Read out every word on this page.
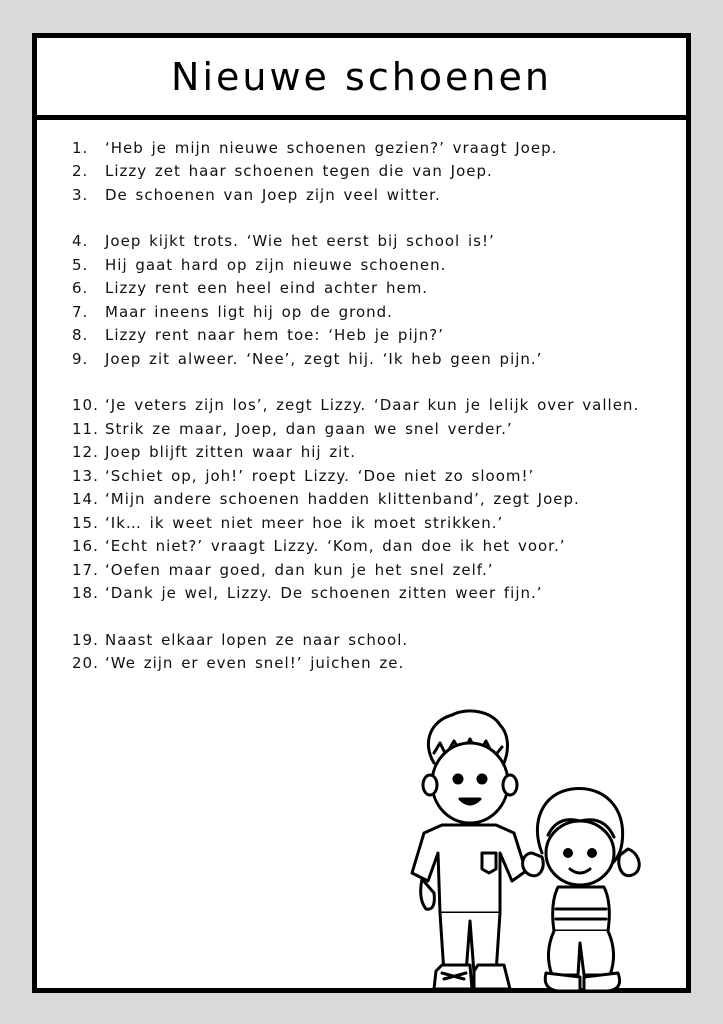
Nieuwe schoenen
1.	‘Heb je mijn nieuwe schoenen gezien?’ vraagt Joep.
2.	Lizzy zet haar schoenen tegen die van Joep.
3.	De schoenen van Joep zijn veel witter.
4.	Joep kijkt trots. ‘Wie het eerst bij school is!’
5.	Hij gaat hard op zijn nieuwe schoenen.
6.	Lizzy rent een heel eind achter hem.
7.	Maar ineens ligt hij op de grond.
8.	Lizzy rent naar hem toe: ‘Heb je pijn?’
9.	Joep zit alweer. ‘Nee’, zegt hij. ‘Ik heb geen pijn.’
10. ‘Je veters zijn los’, zegt Lizzy. ‘Daar kun je lelijk over vallen.
11. Strik ze maar, Joep, dan gaan we snel verder.’
12. Joep blijft zitten waar hij zit.
13. ‘Schiet op, joh!’ roept Lizzy. ‘Doe niet zo sloom!’
14. ‘Mijn andere schoenen hadden klittenband’, zegt Joep.
15. ‘Ik… ik weet niet meer hoe ik moet strikken.’
16. ‘Echt niet?’ vraagt Lizzy. ‘Kom, dan doe ik het voor.’
17. ‘Oefen maar goed, dan kun je het snel zelf.’
18. ‘Dank je wel, Lizzy. De schoenen zitten weer fijn.’
19. Naast elkaar lopen ze naar school.
20. ‘We zijn er even snel!’ juichen ze.
